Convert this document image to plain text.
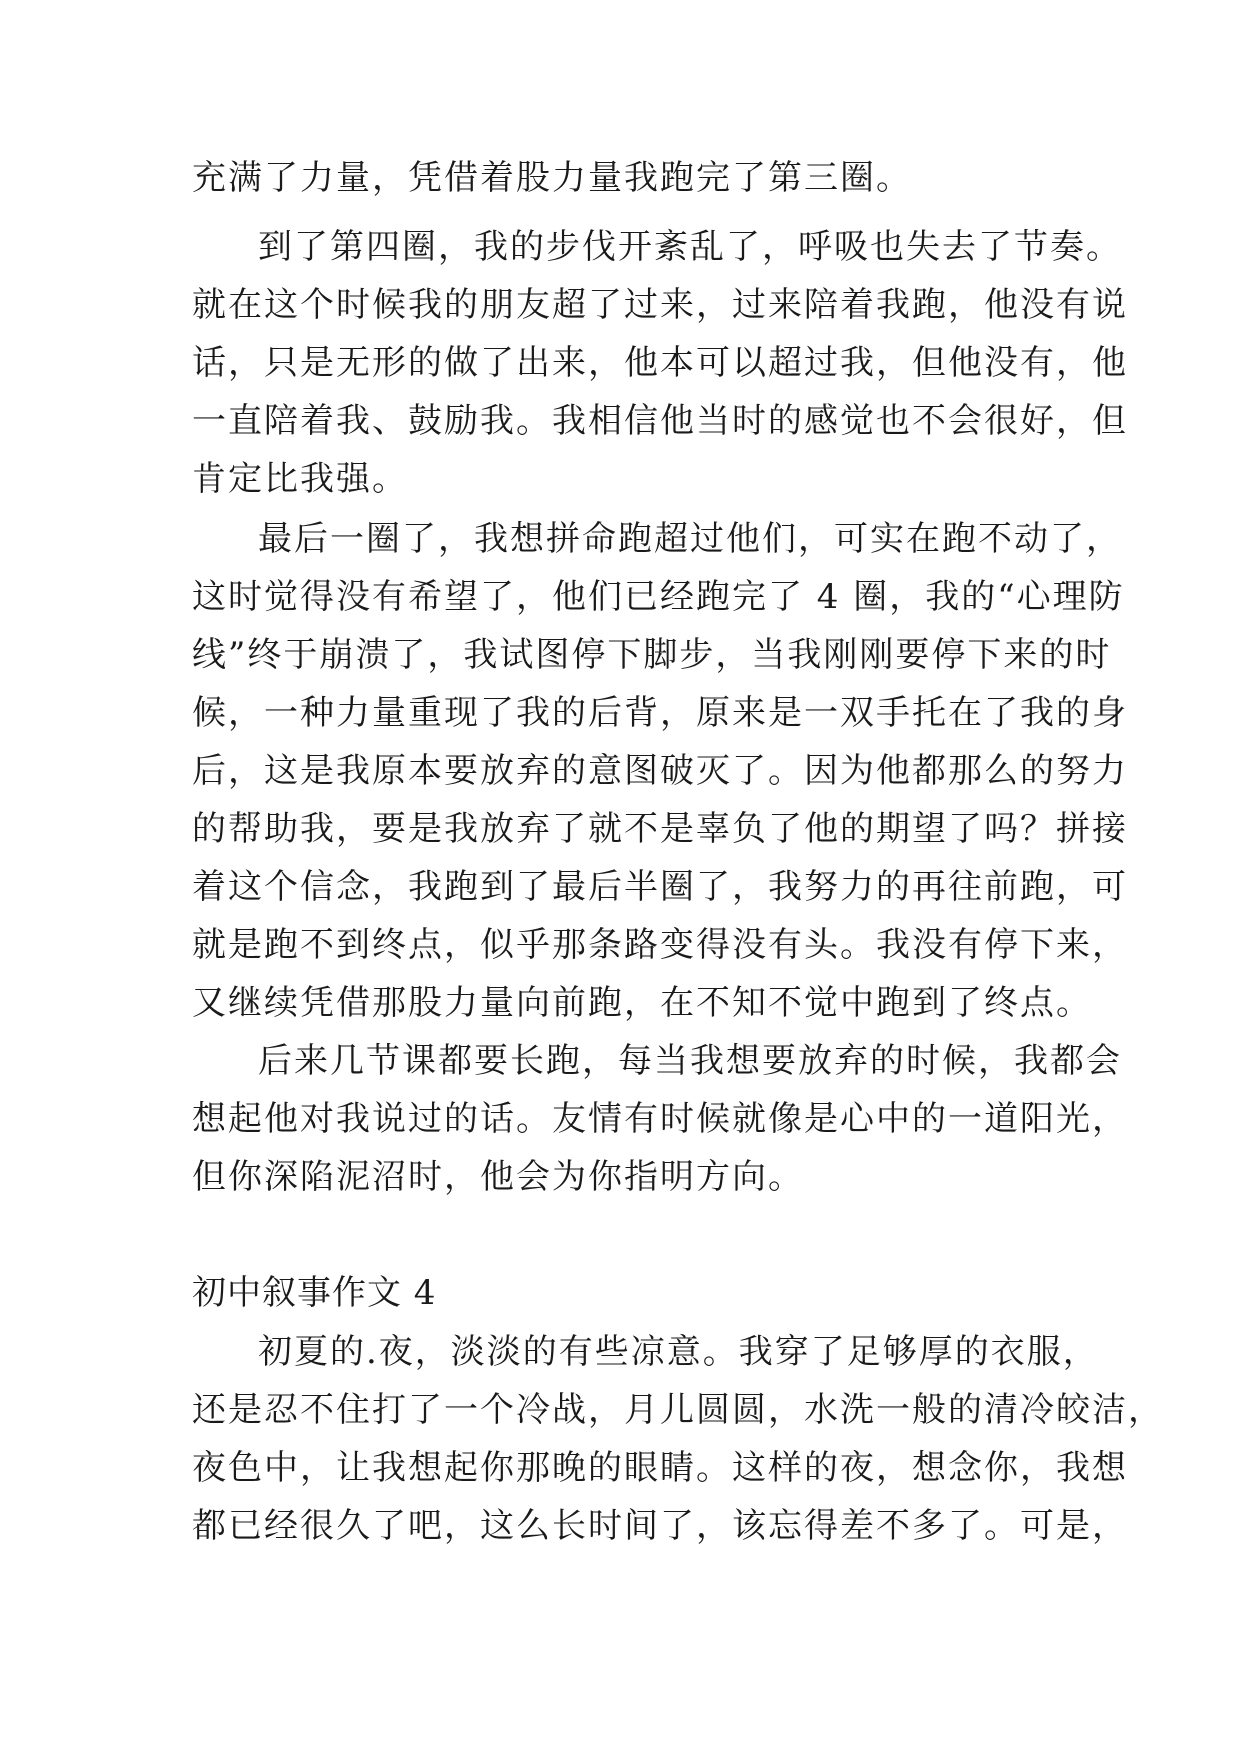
充满了力量，凭借着股力量我跑完了第三圈。
到了第四圈，我的步伐开紊乱了，呼吸也失去了节奏。
就在这个时候我的朋友超了过来，过来陪着我跑，他没有说
话，只是无形的做了出来，他本可以超过我，但他没有，他
一直陪着我、鼓励我。我相信他当时的感觉也不会很好，但
肯定比我强。
最后一圈了，我想拼命跑超过他们，可实在跑不动了，
这时觉得没有希望了，他们已经跑完了 4 圈，我的“心理防
线”终于崩溃了，我试图停下脚步，当我刚刚要停下来的时
候，一种力量重现了我的后背，原来是一双手托在了我的身
后，这是我原本要放弃的意图破灭了。因为他都那么的努力
的帮助我，要是我放弃了就不是辜负了他的期望了吗？拼接
着这个信念，我跑到了最后半圈了，我努力的再往前跑，可
就是跑不到终点，似乎那条路变得没有头。我没有停下来，
又继续凭借那股力量向前跑，在不知不觉中跑到了终点。
后来几节课都要长跑，每当我想要放弃的时候，我都会
想起他对我说过的话。友情有时候就像是心中的一道阳光，
但你深陷泥沼时，他会为你指明方向。
初中叙事作文 4
初夏的.夜，淡淡的有些凉意。我穿了足够厚的衣服，
还是忍不住打了一个冷战，月儿圆圆，水洗一般的清冷皎洁，
夜色中，让我想起你那晚的眼睛。这样的夜，想念你，我想
都已经很久了吧，这么长时间了，该忘得差不多了。可是，
